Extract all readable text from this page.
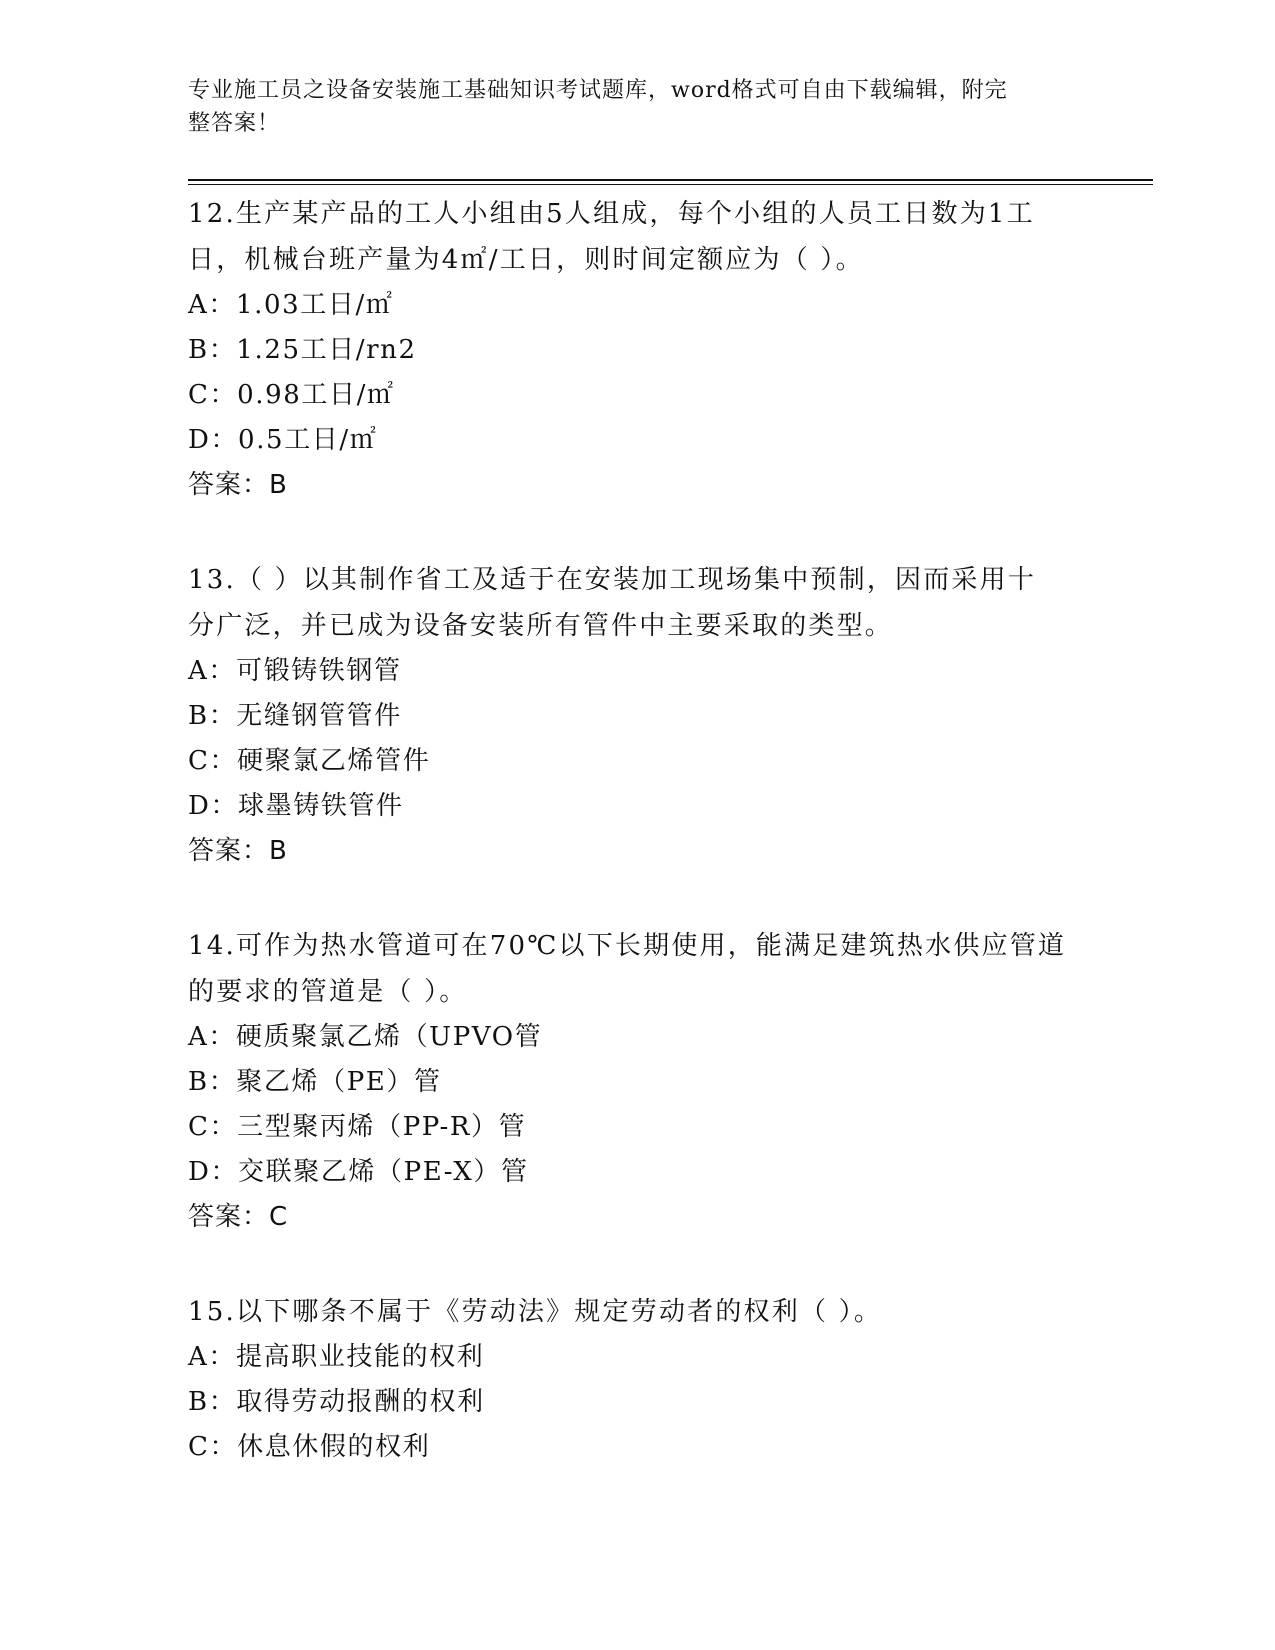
专业施工员之设备安装施工基础知识考试题库，word格式可自由下载编辑，附完
整答案！
12.生产某产品的工人小组由5人组成，每个小组的人员工日数为1工
日，机械台班产量为4㎡/工日，则时间定额应为（ ）。
A：1.03工日/㎡
B：1.25工日/rn2
C：0.98工日/㎡
D：0.5工日/㎡
答案：B
13.（ ）以其制作省工及适于在安装加工现场集中预制，因而采用十
分广泛，并已成为设备安装所有管件中主要采取的类型。
A：可锻铸铁钢管
B：无缝钢管管件
C：硬聚氯乙烯管件
D：球墨铸铁管件
答案：B
14.可作为热水管道可在70℃以下长期使用，能满足建筑热水供应管道
的要求的管道是（ ）。
A：硬质聚氯乙烯（UPVO管
B：聚乙烯（PE）管
C：三型聚丙烯（PP-R）管
D：交联聚乙烯（PE-X）管
答案：C
15.以下哪条不属于《劳动法》规定劳动者的权利（ ）。
A：提高职业技能的权利
B：取得劳动报酬的权利
C：休息休假的权利
